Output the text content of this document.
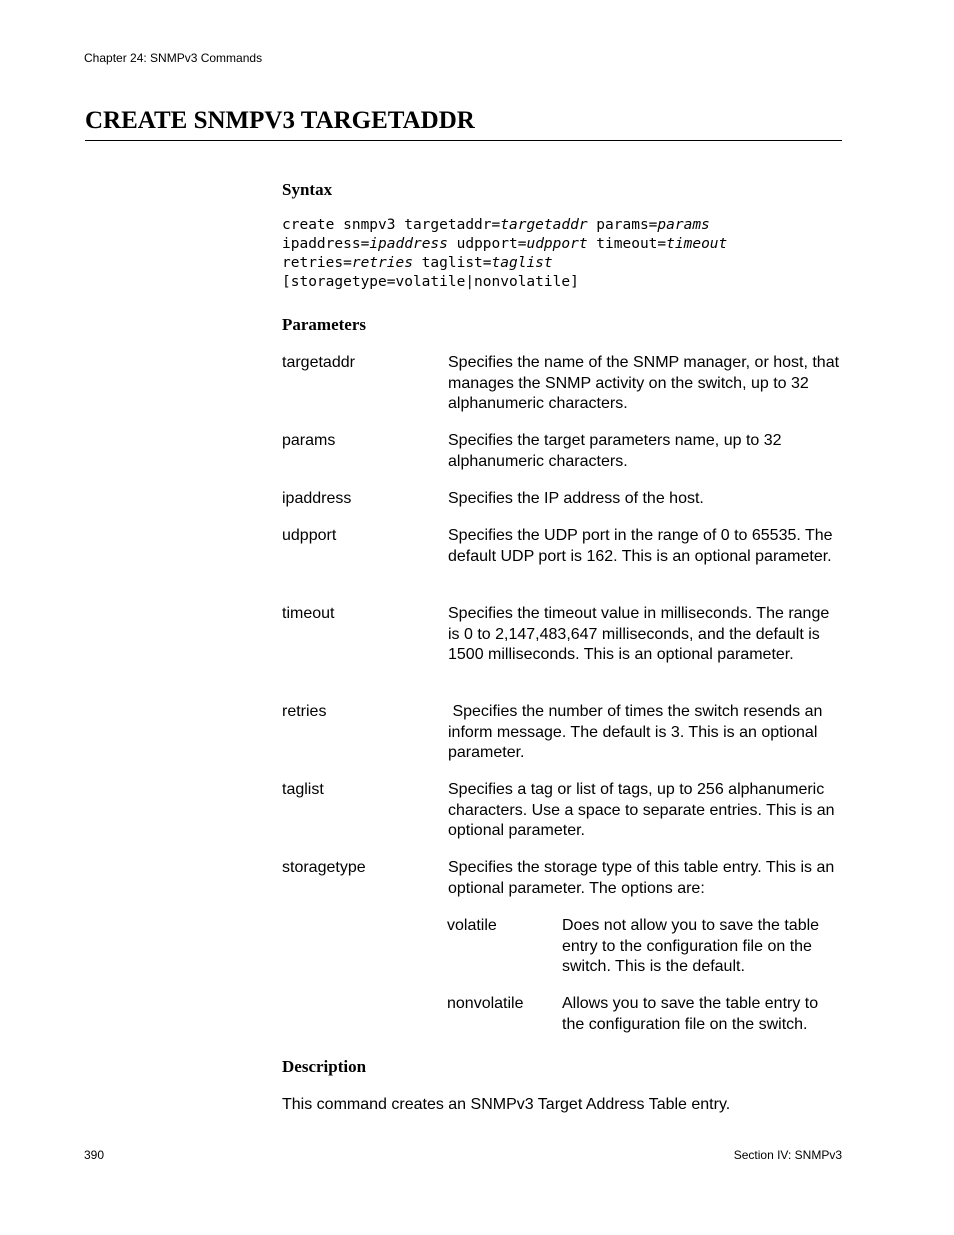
Chapter 24: SNMPv3 Commands
CREATE SNMPV3 TARGETADDR
Syntax
create snmpv3 targetaddr=targetaddr params=params
ipaddress=ipaddress udpport=udpport timeout=timeout
retries=retries taglist=taglist
[storagetype=volatile|nonvolatile]
Parameters
targetaddr	Specifies the name of the SNMP manager, or host, that manages the SNMP activity on the switch, up to 32 alphanumeric characters.
params	Specifies the target parameters name, up to 32 alphanumeric characters.
ipaddress	Specifies the IP address of the host.
udpport	Specifies the UDP port in the range of 0 to 65535. The default UDP port is 162. This is an optional parameter.
timeout	Specifies the timeout value in milliseconds. The range is 0 to 2,147,483,647 milliseconds, and the default is 1500 milliseconds. This is an optional parameter.
retries	Specifies the number of times the switch resends an inform message. The default is 3. This is an optional parameter.
taglist	Specifies a tag or list of tags, up to 256 alphanumeric characters. Use a space to separate entries. This is an optional parameter.
storagetype	Specifies the storage type of this table entry. This is an optional parameter. The options are:
volatile	Does not allow you to save the table entry to the configuration file on the switch. This is the default.
nonvolatile Allows you to save the table entry to the configuration file on the switch.
Description
This command creates an SNMPv3 Target Address Table entry.
390	Section IV: SNMPv3
